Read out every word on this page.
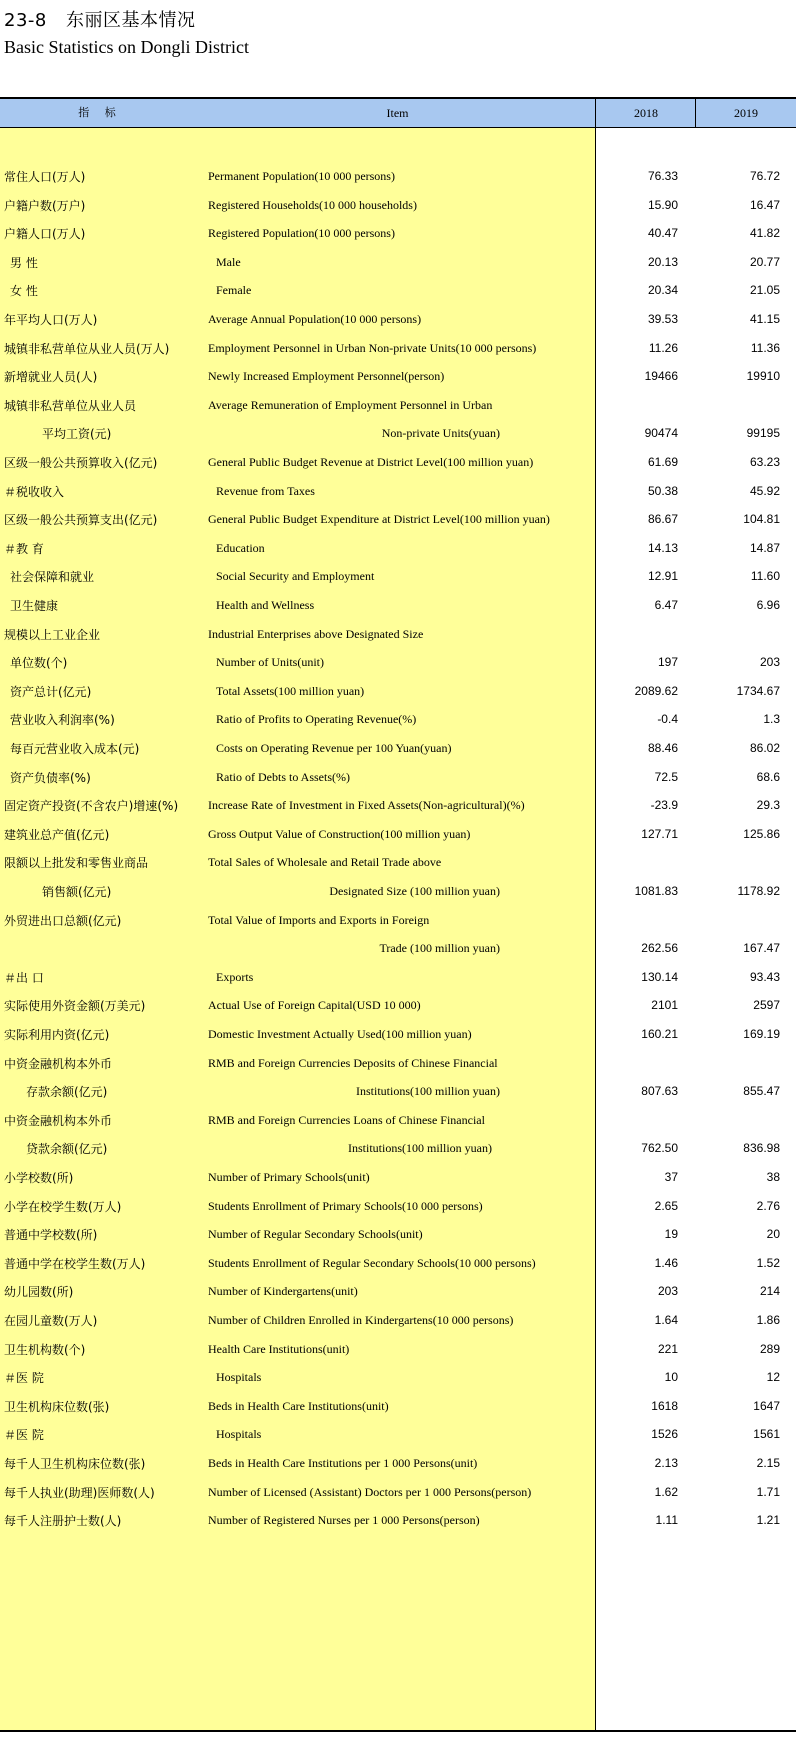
23-8 东丽区基本情况
Basic Statistics on Dongli District
指 标	Item	2018	2019
常住人口(万人)	Permanent Population(10 000 persons)	76.33	76.72
户籍户数(万户)	Registered Households(10 000 households)	15.90	16.47
户籍人口(万人)	Registered Population(10 000 persons)	40.47	41.82
男 性	Male	20.13	20.77
女 性	Female	20.34	21.05
年平均人口(万人)	Average Annual Population(10 000 persons)	39.53	41.15
城镇非私营单位从业人员(万人)	Employment Personnel in Urban Non-private Units(10 000 persons)	11.26	11.36
新增就业人员(人)	Newly Increased Employment Personnel(person)	19466	19910
城镇非私营单位从业人员	Average Remuneration of Employment Personnel in Urban
平均工资(元)	Non-private Units(yuan)	90474	99195
区级一般公共预算收入(亿元)	General Public Budget Revenue at District Level(100 million yuan)	61.69	63.23
＃税收收入	Revenue from Taxes	50.38	45.92
区级一般公共预算支出(亿元)	General Public Budget Expenditure at District Level(100 million yuan)	86.67	104.81
＃教 育	Education	14.13	14.87
社会保障和就业	Social Security and Employment	12.91	11.60
卫生健康	Health and Wellness	6.47	6.96
规模以上工业企业	Industrial Enterprises above Designated Size
单位数(个)	Number of Units(unit)	197	203
资产总计(亿元)	Total Assets(100 million yuan)	2089.62	1734.67
营业收入利润率(%)	Ratio of Profits to Operating Revenue(%)	-0.4	1.3
每百元营业收入成本(元)	Costs on Operating Revenue per 100 Yuan(yuan)	88.46	86.02
资产负债率(%)	Ratio of Debts to Assets(%)	72.5	68.6
固定资产投资(不含农户)增速(%) Increase Rate of Investment in Fixed Assets(Non-agricultural)(%)	-23.9	29.3
建筑业总产值(亿元)	Gross Output Value of Construction(100 million yuan)	127.71	125.86
限额以上批发和零售业商品	Total Sales of Wholesale and Retail Trade above
销售额(亿元)	Designated Size (100 million yuan)	1081.83	1178.92
外贸进出口总额(亿元)	Total Value of Imports and Exports in Foreign
Trade (100 million yuan)	262.56	167.47
＃出 口	Exports	130.14	93.43
实际使用外资金额(万美元)	Actual Use of Foreign Capital(USD 10 000)	2101	2597
实际利用内资(亿元)	Domestic Investment Actually Used(100 million yuan)	160.21	169.19
中资金融机构本外币	RMB and Foreign Currencies Deposits of Chinese Financial
存款余额(亿元)	Institutions(100 million yuan)	807.63	855.47
中资金融机构本外币	RMB and Foreign Currencies Loans of Chinese Financial
贷款余额(亿元)	Institutions(100 million yuan)	762.50	836.98
小学校数(所)	Number of Primary Schools(unit)	37	38
小学在校学生数(万人)	Students Enrollment of Primary Schools(10 000 persons)	2.65	2.76
普通中学校数(所)	Number of Regular Secondary Schools(unit)	19	20
普通中学在校学生数(万人)	Students Enrollment of Regular Secondary Schools(10 000 persons)	1.46	1.52
幼儿园数(所)	Number of Kindergartens(unit)	203	214
在园儿童数(万人)	Number of Children Enrolled in Kindergartens(10 000 persons)	1.64	1.86
卫生机构数(个)	Health Care Institutions(unit)	221	289
＃医 院	Hospitals	10	12
卫生机构床位数(张)	Beds in Health Care Institutions(unit)	1618	1647
＃医 院	Hospitals	1526	1561
每千人卫生机构床位数(张)	Beds in Health Care Institutions per 1 000 Persons(unit)	2.13	2.15
每千人执业(助理)医师数(人)	Number of Licensed (Assistant) Doctors per 1 000 Persons(person)	1.62	1.71
每千人注册护士数(人)	Number of Registered Nurses per 1 000 Persons(person)	1.11	1.21
